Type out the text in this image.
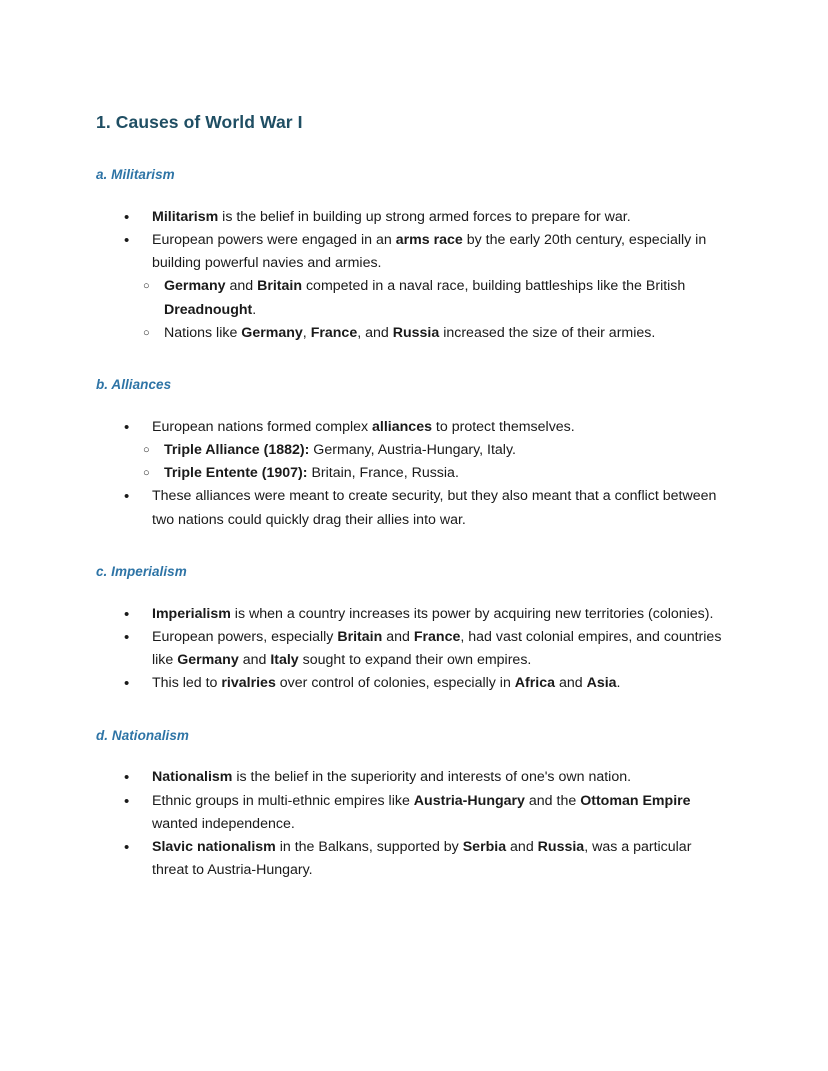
1. Causes of World War I
a. Militarism
• Militarism is the belief in building up strong armed forces to prepare for war.
• European powers were engaged in an arms race by the early 20th century, especially in building powerful navies and armies.
○ Germany and Britain competed in a naval race, building battleships like the British Dreadnought.
○ Nations like Germany, France, and Russia increased the size of their armies.
b. Alliances
• European nations formed complex alliances to protect themselves.
○ Triple Alliance (1882): Germany, Austria-Hungary, Italy.
○ Triple Entente (1907): Britain, France, Russia.
• These alliances were meant to create security, but they also meant that a conflict between two nations could quickly drag their allies into war.
c. Imperialism
• Imperialism is when a country increases its power by acquiring new territories (colonies).
• European powers, especially Britain and France, had vast colonial empires, and countries like Germany and Italy sought to expand their own empires.
• This led to rivalries over control of colonies, especially in Africa and Asia.
d. Nationalism
• Nationalism is the belief in the superiority and interests of one's own nation.
• Ethnic groups in multi-ethnic empires like Austria-Hungary and the Ottoman Empire wanted independence.
• Slavic nationalism in the Balkans, supported by Serbia and Russia, was a particular threat to Austria-Hungary.
